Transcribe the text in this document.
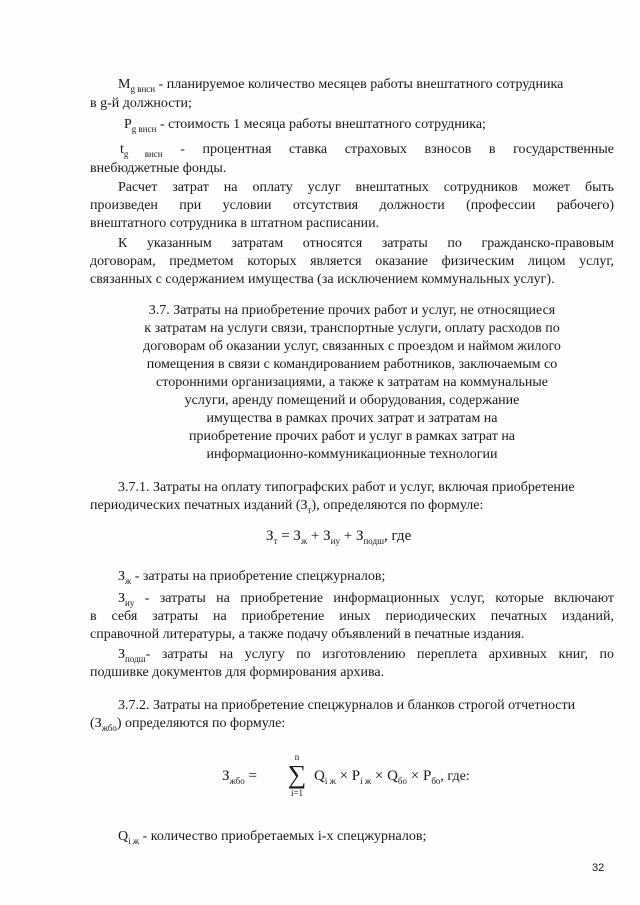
$M_{g внсн}$ - планируемое количество месяцев работы внештатного сотрудника

в g-й должности;

$P_{g внсн}$ - стоимость 1 месяца работы внештатного сотрудника;

$t_{g внсн}$ - процентная ставка страховых взносов в государственные

внебюджетные фонды.

Расчет затрат на оплату услуг внештатных сотрудников может быть

произведен при условии отсутствия должности (профессии рабочего)

внештатного сотрудника в штатном расписании.

К указанным затратам относятся затраты по гражданско-правовым

договорам, предметом которых является оказание физическим лицом услуг,

связанных с содержанием имущества (за исключением коммунальных услуг).

3.7. Затраты на приобретение прочих работ и услуг, не относящиеся

к затратам на услуги связи, транспортные услуги, оплату расходов по

договорам об оказании услуг, связанных с проездом и наймом жилого

помещения в связи с командированием работников, заключаемым со

сторонними организациями, а также к затратам на коммунальные

услуги, аренду помещений и оборудования, содержание

имущества в рамках прочих затрат и затратам на

приобретение прочих работ и услуг в рамках затрат на

информационно-коммуникационные технологии

3.7.1. Затраты на оплату типографских работ и услуг, включая приобретение

периодических печатных изданий $(З_т)$, определяются по формуле:

$З_т = З_ж + З_{иу} + З_{подш}$, где

$З_ж$ - затраты на приобретение спецжурналов;

$З_{иу}$ - затраты на приобретение информационных услуг, которые включают

в себя затраты на приобретение иных периодических печатных изданий,

справочной литературы, а также подачу объявлений в печатные издания.

$З_{подш}-$ затраты на услугу по изготовлению переплета архивных книг, по

подшивке документов для формирования архива.

3.7.2. Затраты на приобретение спецжурналов и бланков строгой отчетности

$(З_{жбо})$ определяются по формуле:

$З_{жбо}$ =
n
∑
i=1
$Q_{i ж} \times P_{i ж} \times Q_{бо} \times P_{бо}$, где:

$Q_{i ж}$ - количество приобретаемых i-х спецжурналов;

32
